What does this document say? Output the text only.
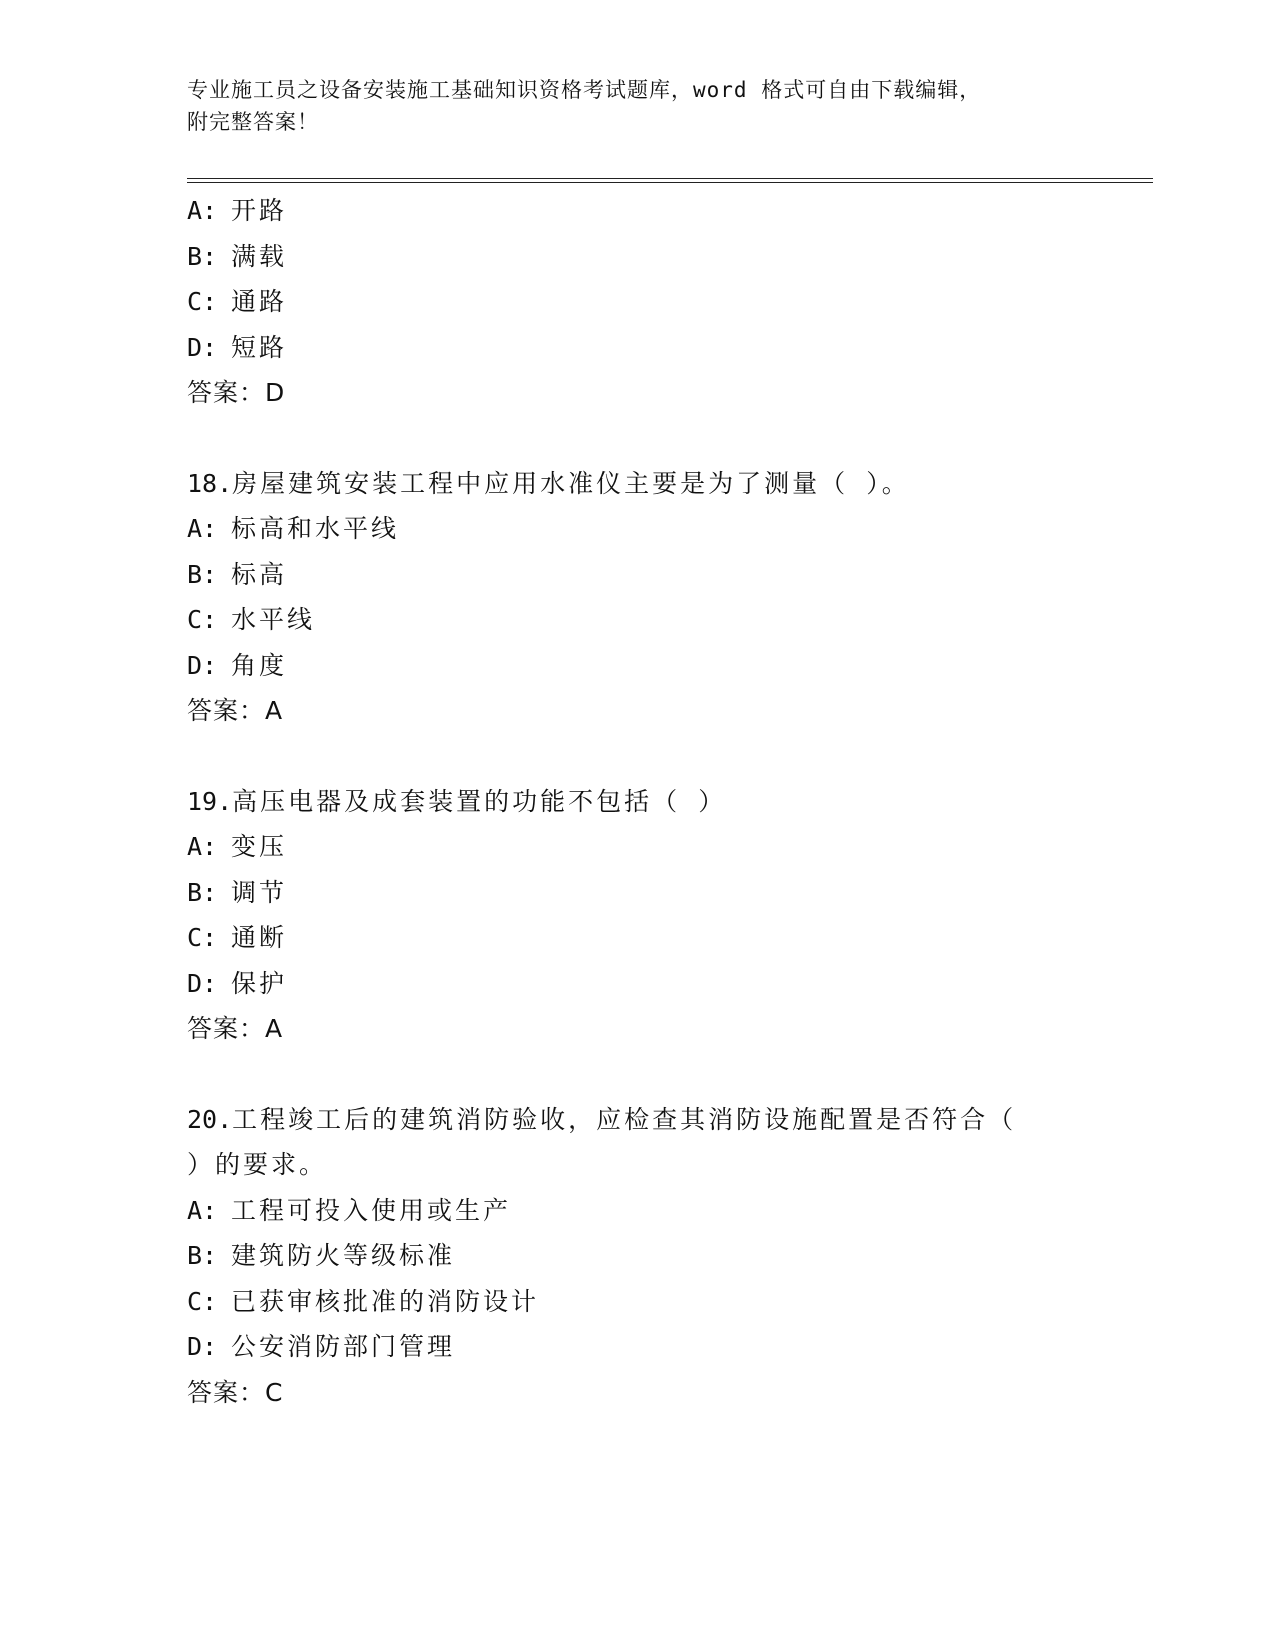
专业施工员之设备安装施工基础知识资格考试题库，word 格式可自由下载编辑，
附完整答案！
A: 开路
B: 满载
C: 通路
D: 短路
答案：D
18.房屋建筑安装工程中应用水准仪主要是为了测量（ ）。
A: 标高和水平线
B: 标高
C: 水平线
D: 角度
答案：A
19.高压电器及成套装置的功能不包括（ ）
A: 变压
B: 调节
C: 通断
D: 保护
答案：A
20.工程竣工后的建筑消防验收，应检查其消防设施配置是否符合（
）的要求。
A: 工程可投入使用或生产
B: 建筑防火等级标准
C: 已获审核批准的消防设计
D: 公安消防部门管理
答案：C
